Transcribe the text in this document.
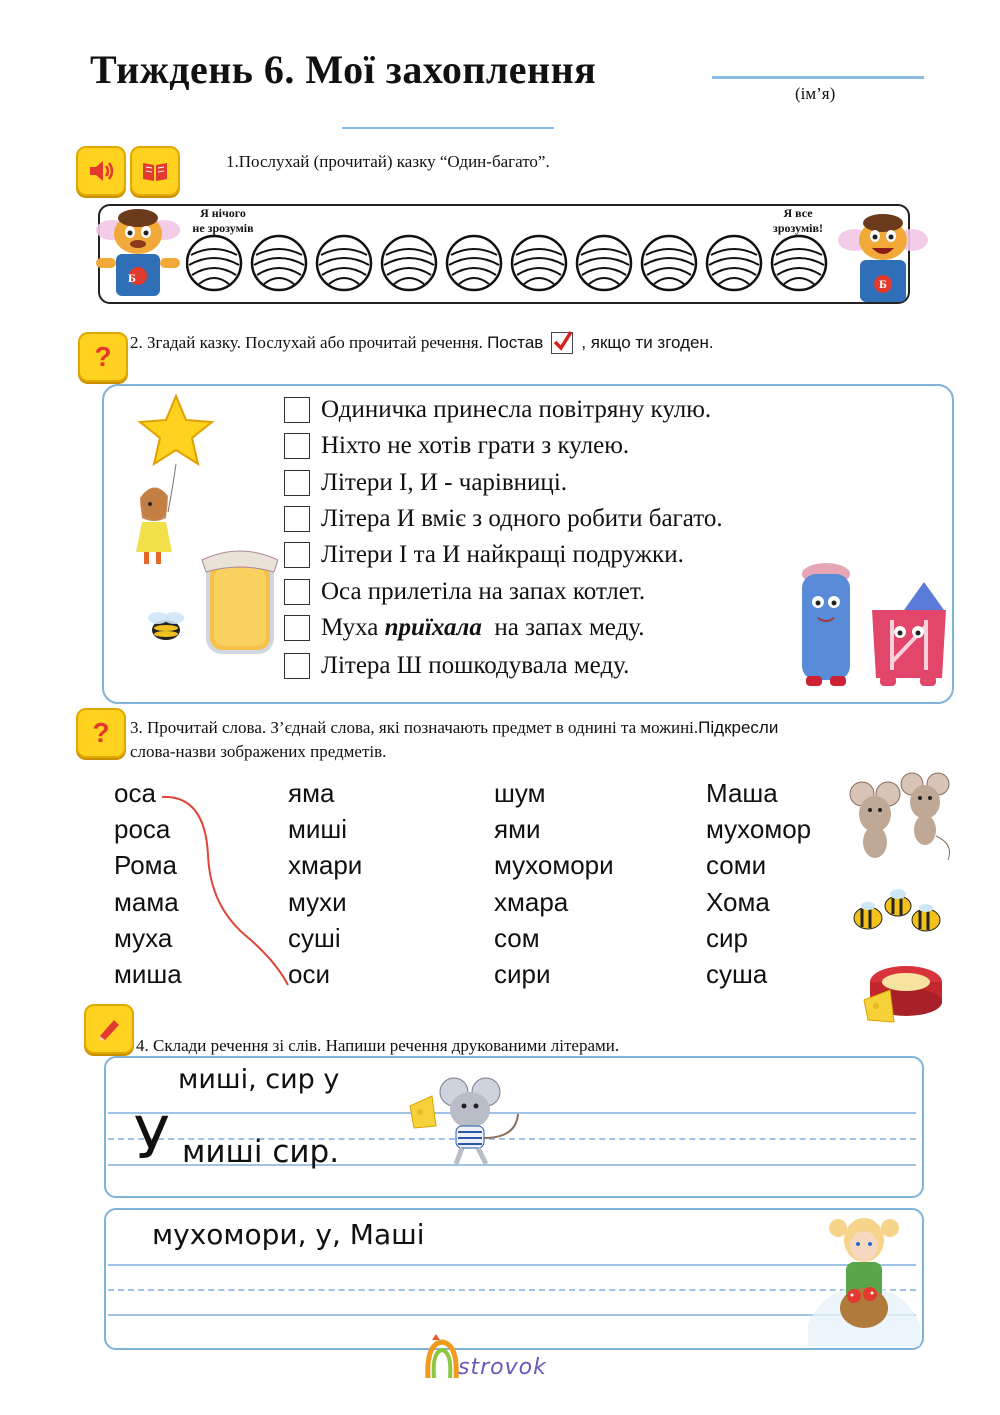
Тиждень 6. Мої захоплення
(ім’я)
1.Послухай (прочитай) казку “Один-багато”.
Б
Я нічого
не зрозумів
Я все
зрозумів!
Б
? 2. Згадай казку. Послухай або прочитай речення.
Постав , якщо ти згоден.
Одиничка принесла повітряну кулю.
Ніхто не хотів грати з кулею.
Літери І, И - чарівниці.
Літера И вміє з одного робити багато.
Літери І та И найкращі подружки.
Оса прилетіла на запах котлет.
Муха приїхала на запах меду.
Літера Ш пошкодувала меду.
? 3. Прочитай слова. З’єднай слова, які позначають предмет в однині та можині.Підкресли
слова-назви зображених предметів.
оса
роса
Рома
мама
муха
миша
яма
миші
хмари
мухи
суші
оси
шум
ями
мухомори
хмара
сом
сири
Маша
мухомор
соми
Хома
сир
суша
4. Склади речення зі слів. Напиши речення друкованими літерами.
миші, сир у
У миші сир.
мухомори, у, Маші
strovok
